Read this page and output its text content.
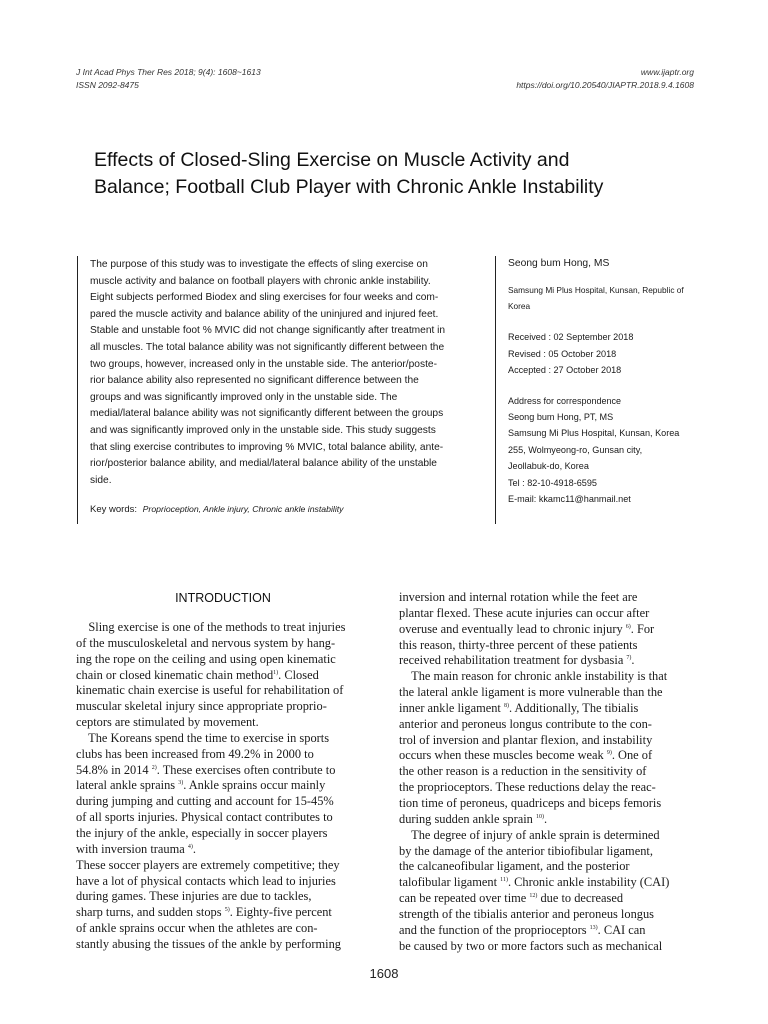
J Int Acad Phys Ther Res 2018; 9(4): 1608~1613
ISSN 2092-8475
www.ijaptr.org
https://doi.org/10.20540/JIAPTR.2018.9.4.1608
Effects of Closed-Sling Exercise on Muscle Activity and
Balance; Football Club Player with Chronic Ankle Instability
The purpose of this study was to investigate the effects of sling exercise on
muscle activity and balance on football players with chronic ankle instability.
Eight subjects performed Biodex and sling exercises for four weeks and com-
pared the muscle activity and balance ability of the uninjured and injured feet.
Stable and unstable foot % MVIC did not change significantly after treatment in
all muscles. The total balance ability was not significantly different between the
two groups, however, increased only in the unstable side. The anterior/poste-
rior balance ability also represented no significant difference between the
groups and was significantly improved only in the unstable side. The
medial/lateral balance ability was not significantly different between the groups
and was significantly improved only in the unstable side. This study suggests
that sling exercise contributes to improving % MVIC, total balance ability, ante-
rior/posterior balance ability, and medial/lateral balance ability of the unstable
side.
Key words: Proprioception, Ankle injury, Chronic ankle instability
Seong bum Hong, MS
Samsung Mi Plus Hospital, Kunsan, Republic of
Korea
Received : 02 September 2018
Revised : 05 October 2018
Accepted : 27 October 2018
Address for correspondence
Seong bum Hong, PT, MS
Samsung Mi Plus Hospital, Kunsan, Korea
255, Wolmyeong-ro, Gunsan city,
Jeollabuk-do, Korea
Tel : 82-10-4918-6595
E-mail: kkamc11@hanmail.net
INTRODUCTION
Sling exercise is one of the methods to treat injuries
of the musculoskeletal and nervous system by hang-
ing the rope on the ceiling and using open kinematic
chain or closed kinematic chain method$^{1)}$. Closed
kinematic chain exercise is useful for rehabilitation of
muscular skeletal injury since appropriate proprio-
ceptors are stimulated by movement.
The Koreans spend the time to exercise in sports
clubs has been increased from 49.2% in 2000 to
54.8% in 2014 $^{2)}$. These exercises often contribute to
lateral ankle sprains $^{3)}$. Ankle sprains occur mainly
during jumping and cutting and account for 15-45%
of all sports injuries. Physical contact contributes to
the injury of the ankle, especially in soccer players
with inversion trauma $^{4)}$.
These soccer players are extremely competitive; they
have a lot of physical contacts which lead to injuries
during games. These injuries are due to tackles,
sharp turns, and sudden stops $^{5)}$. Eighty-five percent
of ankle sprains occur when the athletes are con-
stantly abusing the tissues of the ankle by performing
inversion and internal rotation while the feet are
plantar flexed. These acute injuries can occur after
overuse and eventually lead to chronic injury $^{6)}$. For
this reason, thirty-three percent of these patients
received rehabilitation treatment for dysbasia $^{7)}$.
The main reason for chronic ankle instability is that
the lateral ankle ligament is more vulnerable than the
inner ankle ligament $^{8)}$. Additionally, The tibialis
anterior and peroneus longus contribute to the con-
trol of inversion and plantar flexion, and instability
occurs when these muscles become weak $^{9)}$. One of
the other reason is a reduction in the sensitivity of
the proprioceptors. These reductions delay the reac-
tion time of peroneus, quadriceps and biceps femoris
during sudden ankle sprain $^{10)}$.
The degree of injury of ankle sprain is determined
by the damage of the anterior tibiofibular ligament,
the calcaneofibular ligament, and the posterior
talofibular ligament $^{11)}$. Chronic ankle instability (CAI)
can be repeated over time $^{12)}$ due to decreased
strength of the tibialis anterior and peroneus longus
and the function of the proprioceptors $^{13)}$. CAI can
be caused by two or more factors such as mechanical
1608
